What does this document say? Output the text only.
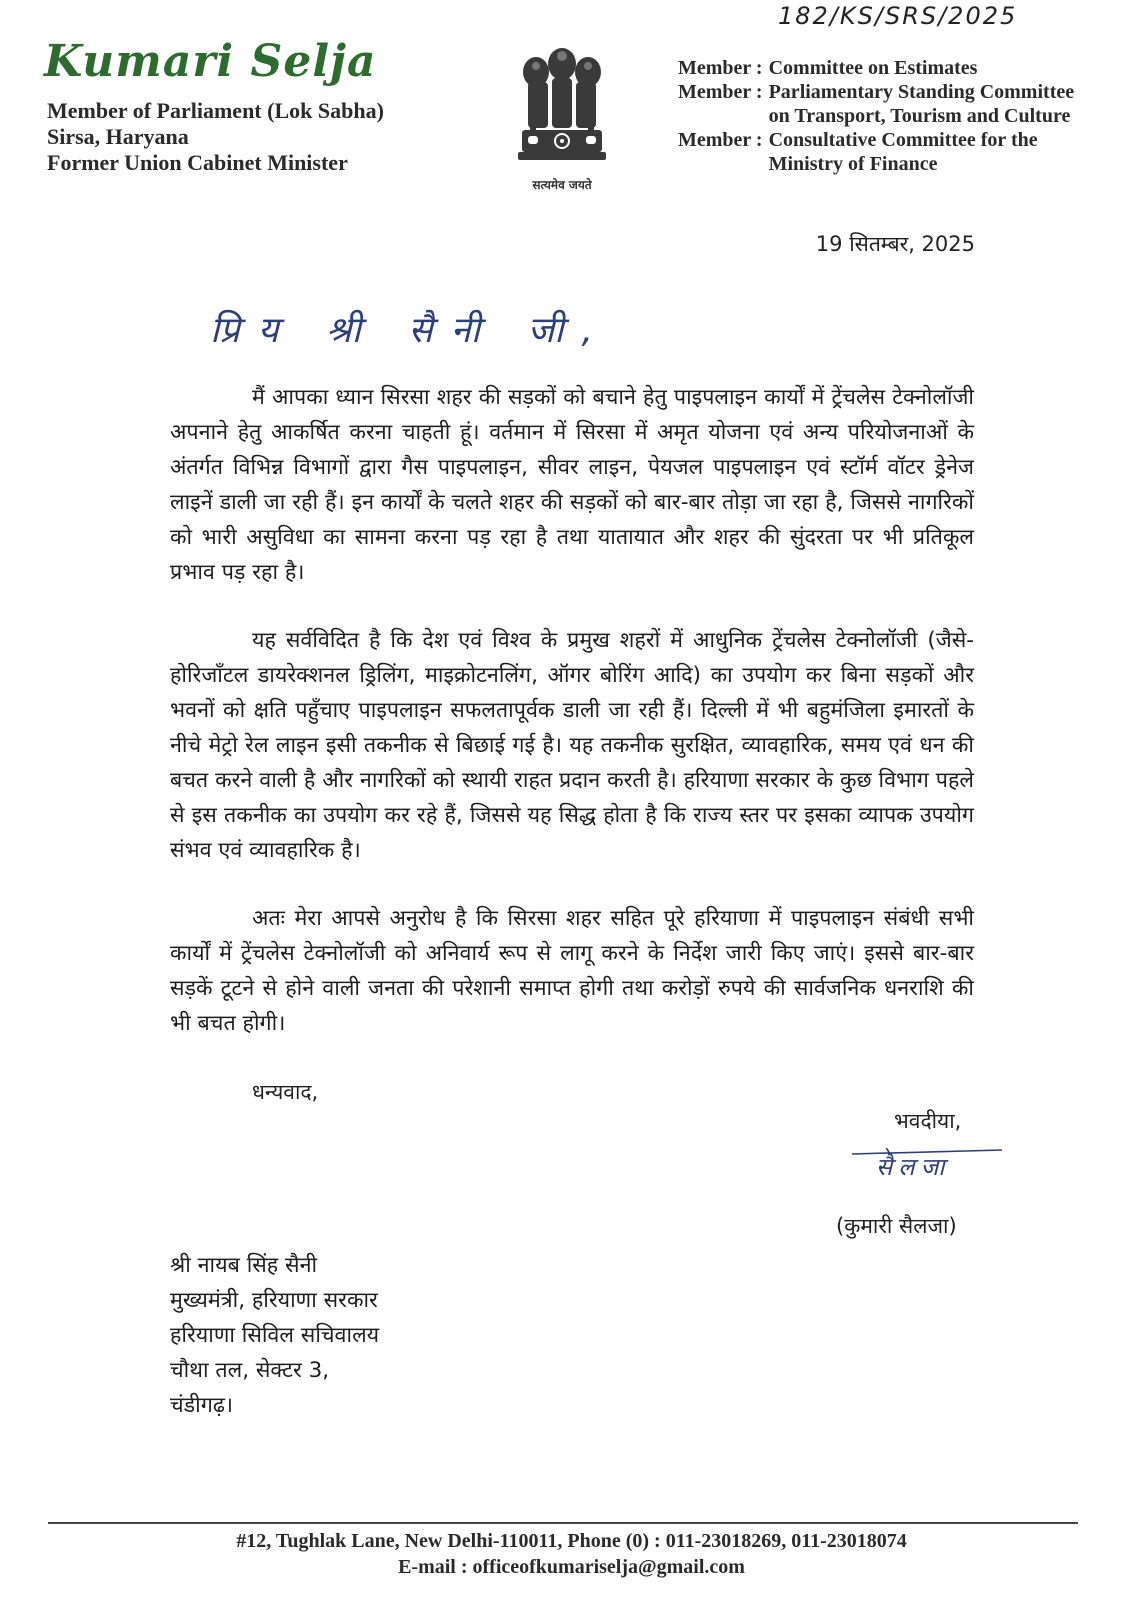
182/KS/SRS/2025
Kumari Selja
Member of Parliament (Lok Sabha)
Sirsa, Haryana
Former Union Cabinet Minister
सत्यमेव जयते
Member :	Committee on Estimates
Member :	Parliamentary Standing Committee
	on Transport, Tourism and Culture
Member :	Consultative Committee for the
	Ministry of Finance
19 सितम्बर, 2025
प्रिय श्री सैनी जी,

मैं आपका ध्यान सिरसा शहर की सड़कों को बचाने हेतु पाइपलाइन कार्यों में ट्रेंचलेस टेक्नोलॉजी अपनाने हेतु आकर्षित करना चाहती हूं। वर्तमान में सिरसा में अमृत योजना एवं अन्य परियोजनाओं के अंतर्गत विभिन्न विभागों द्वारा गैस पाइपलाइन, सीवर लाइन, पेयजल पाइपलाइन एवं स्टॉर्म वॉटर ड्रेनेज लाइनें डाली जा रही हैं। इन कार्यों के चलते शहर की सड़कों को बार-बार तोड़ा जा रहा है, जिससे नागरिकों को भारी असुविधा का सामना करना पड़ रहा है तथा यातायात और शहर की सुंदरता पर भी प्रतिकूल प्रभाव पड़ रहा है।

यह सर्वविदित है कि देश एवं विश्व के प्रमुख शहरों में आधुनिक ट्रेंचलेस टेक्नोलॉजी (जैसे-होरिजॉंटल डायरेक्शनल ड्रिलिंग, माइक्रोटनलिंग, ऑगर बोरिंग आदि) का उपयोग कर बिना सड़कों और भवनों को क्षति पहुँचाए पाइपलाइन सफलतापूर्वक डाली जा रही हैं। दिल्ली में भी बहुमंजिला इमारतों के नीचे मेट्रो रेल लाइन इसी तकनीक से बिछाई गई है। यह तकनीक सुरक्षित, व्यावहारिक, समय एवं धन की बचत करने वाली है और नागरिकों को स्थायी राहत प्रदान करती है। हरियाणा सरकार के कुछ विभाग पहले से इस तकनीक का उपयोग कर रहे हैं, जिससे यह सिद्ध होता है कि राज्य स्तर पर इसका व्यापक उपयोग संभव एवं व्यावहारिक है।

अतः मेरा आपसे अनुरोध है कि सिरसा शहर सहित पूरे हरियाणा में पाइपलाइन संबंधी सभी कार्यों में ट्रेंचलेस टेक्नोलॉजी को अनिवार्य रूप से लागू करने के निर्देश जारी किए जाएं। इससे बार-बार सड़कें टूटने से होने वाली जनता की परेशानी समाप्त होगी तथा करोड़ों रुपये की सार्वजनिक धनराशि की भी बचत होगी।

धन्यवाद,
भवदीया,
सैलजा
(कुमारी सैलजा)
श्री नायब सिंह सैनी
मुख्यमंत्री, हरियाणा सरकार
हरियाणा सिविल सचिवालय
चौथा तल, सेक्टर 3,
चंडीगढ़।
#12, Tughlak Lane, New Delhi-110011, Phone (0) : 011-23018269, 011-23018074
E-mail : officeofkumariselja@gmail.com
